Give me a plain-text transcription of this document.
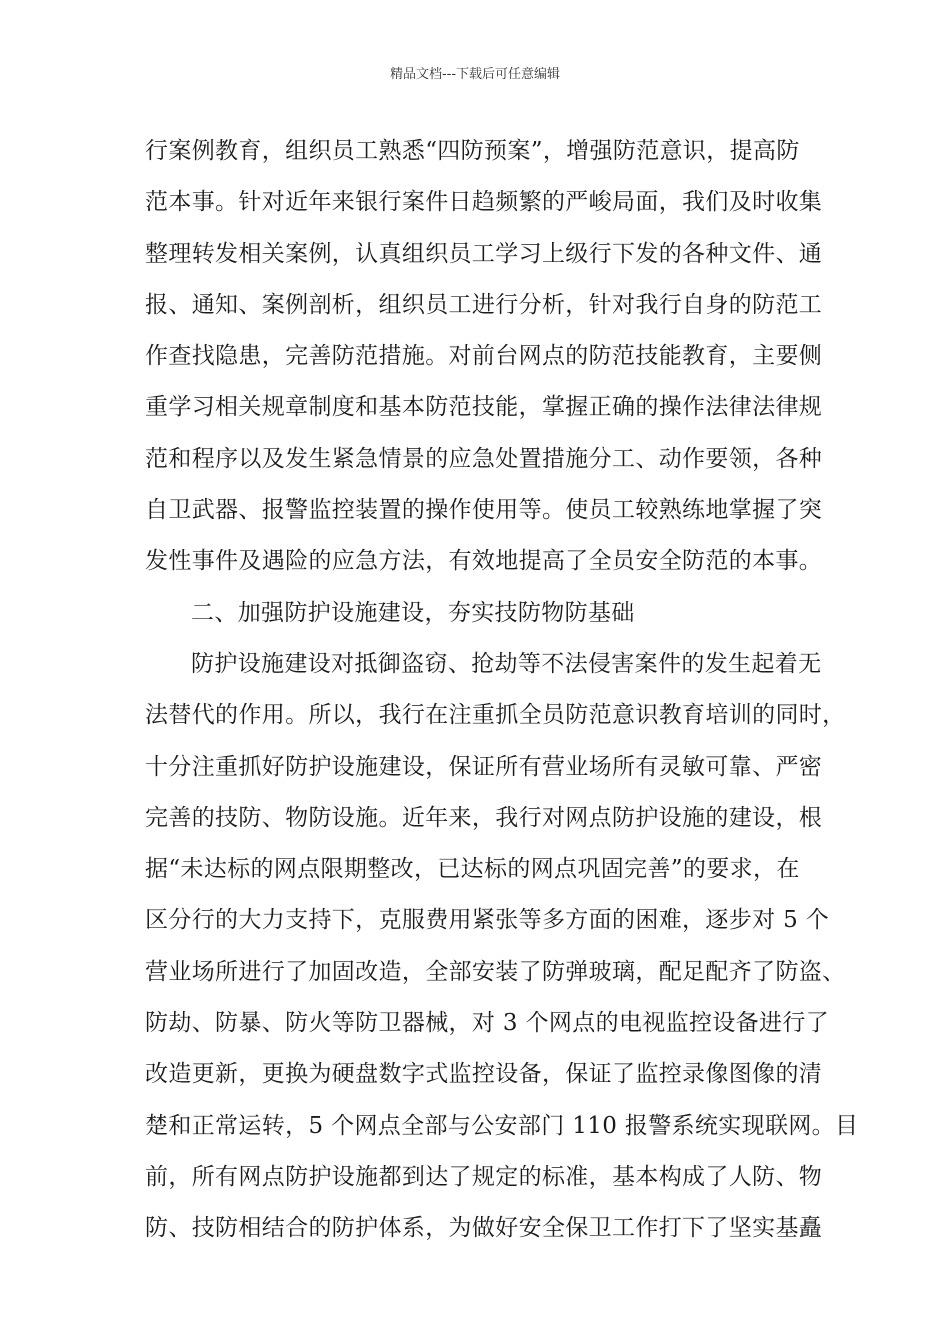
精品文档---下载后可任意编辑
行案例教育，组织员工熟悉“四防预案”，增强防范意识，提高防
范本事。针对近年来银行案件日趋频繁的严峻局面，我们及时收集
整理转发相关案例，认真组织员工学习上级行下发的各种文件、通
报、通知、案例剖析，组织员工进行分析，针对我行自身的防范工
作查找隐患，完善防范措施。对前台网点的防范技能教育，主要侧
重学习相关规章制度和基本防范技能，掌握正确的操作法律法律规
范和程序以及发生紧急情景的应急处置措施分工、动作要领，各种
自卫武器、报警监控装置的操作使用等。使员工较熟练地掌握了突
发性事件及遇险的应急方法，有效地提高了全员安全防范的本事。
二、加强防护设施建设，夯实技防物防基础
防护设施建设对抵御盗窃、抢劫等不法侵害案件的发生起着无
法替代的作用。所以，我行在注重抓全员防范意识教育培训的同时，
十分注重抓好防护设施建设，保证所有营业场所有灵敏可靠、严密
完善的技防、物防设施。近年来，我行对网点防护设施的建设，根
据“未达标的网点限期整改，已达标的网点巩固完善”的要求，在
区分行的大力支持下，克服费用紧张等多方面的困难，逐步对 5 个
营业场所进行了加固改造，全部安装了防弹玻璃，配足配齐了防盗、
防劫、防暴、防火等防卫器械，对 3 个网点的电视监控设备进行了
改造更新，更换为硬盘数字式监控设备，保证了监控录像图像的清
楚和正常运转，5 个网点全部与公安部门 110 报警系统实现联网。目
前，所有网点防护设施都到达了规定的标准，基本构成了人防、物
防、技防相结合的防护体系，为做好安全保卫工作打下了坚实基矗
